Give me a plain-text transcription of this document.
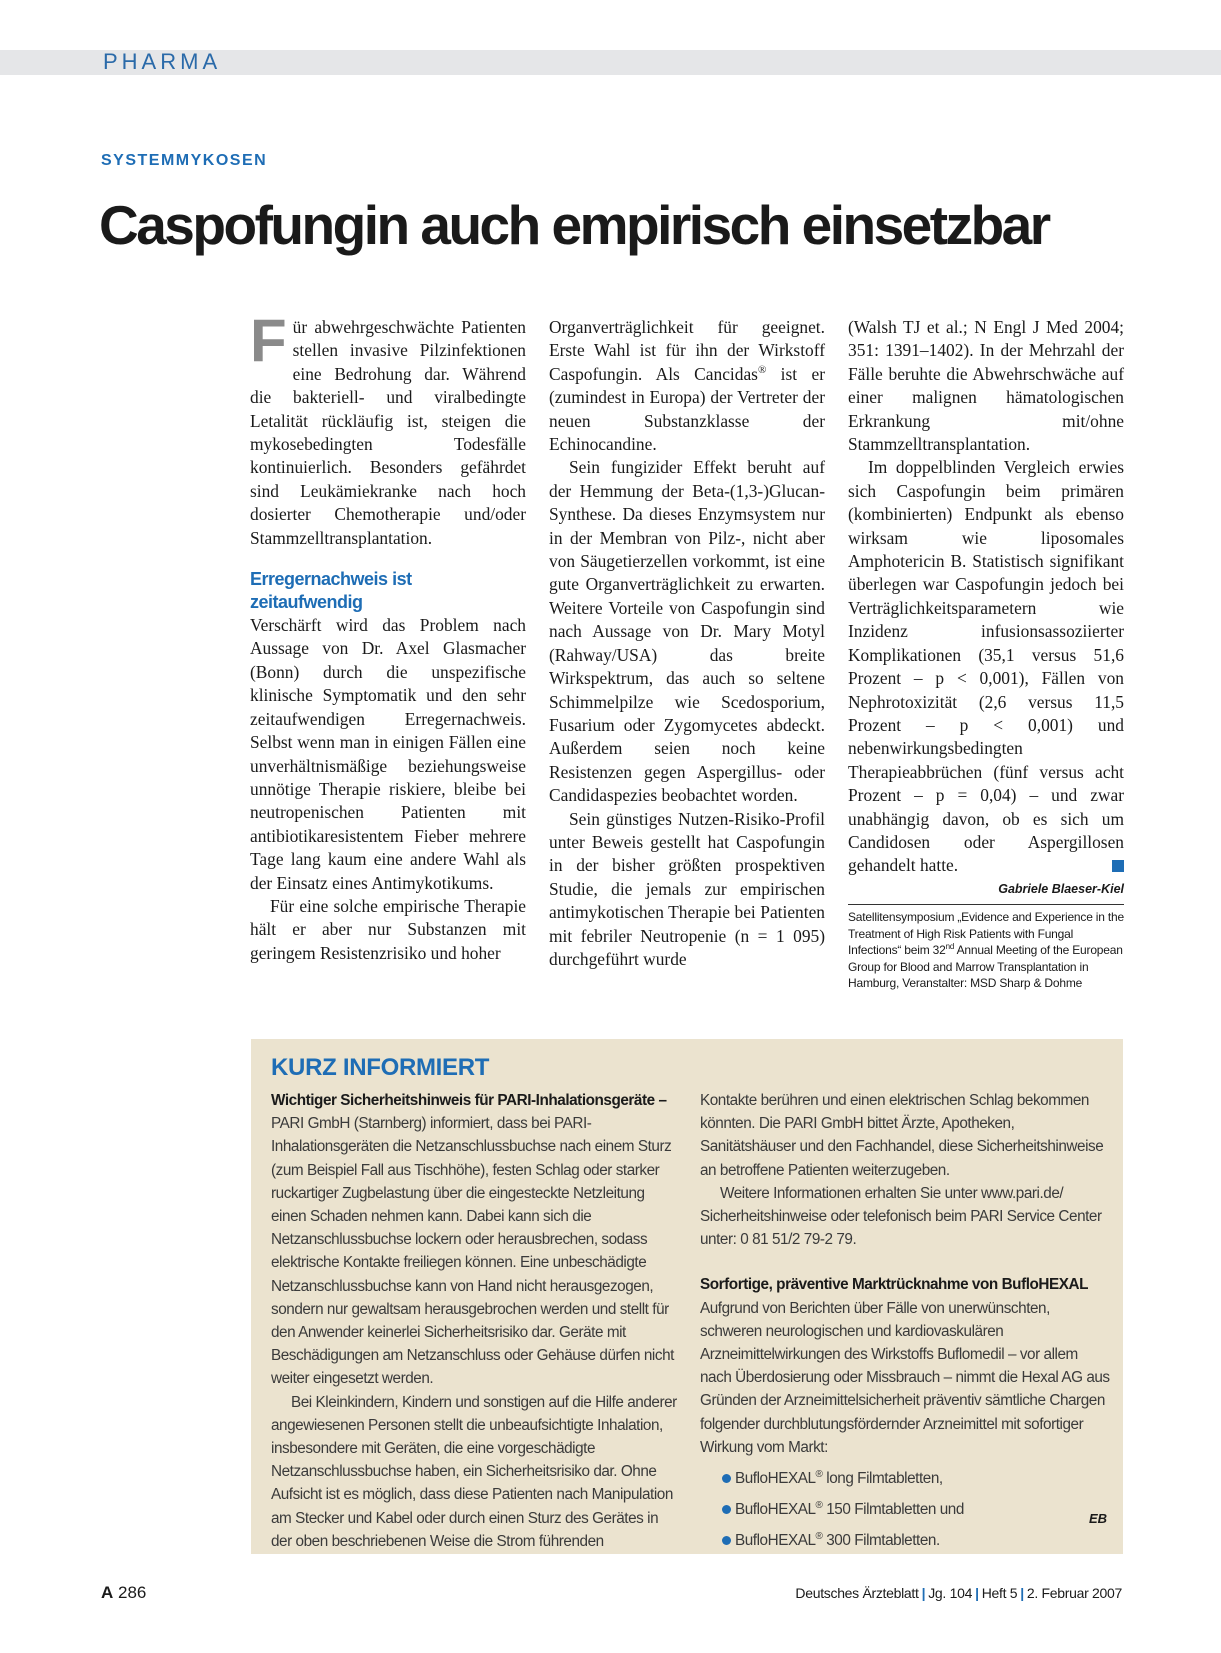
PHARMA
SYSTEMMYKOSEN
Caspofungin auch empirisch einsetzbar

Für abwehrgeschwächte Patienten stellen invasive Pilzinfektionen eine Bedrohung dar. Während die bakteriell- und viralbedingte Letalität rückläufig ist, steigen die mykosebedingten Todesfälle kontinuierlich. Besonders gefährdet sind Leukämiekranke nach hoch dosierter Chemotherapie und/oder Stammzelltransplantation.

Erregernachweis ist zeitaufwendig

Verschärft wird das Problem nach Aussage von Dr. Axel Glasmacher (Bonn) durch die unspezifische klinische Symptomatik und den sehr zeitaufwendigen Erregernachweis. Selbst wenn man in einigen Fällen eine unverhältnismäßige beziehungsweise unnötige Therapie riskiere, bleibe bei neutropenischen Patienten mit antibiotikaresistentem Fieber mehrere Tage lang kaum eine andere Wahl als der Einsatz eines Antimykotikums.

Für eine solche empirische Therapie hält er aber nur Substanzen mit geringem Resistenzrisiko und hoher

Organverträglichkeit für geeignet. Erste Wahl ist für ihn der Wirkstoff Caspofungin. Als Cancidas® ist er (zumindest in Europa) der Vertreter der neuen Substanzklasse der Echinocandine.

Sein fungizider Effekt beruht auf der Hemmung der Beta-(1,3-)Glucan-Synthese. Da dieses Enzymsystem nur in der Membran von Pilz-, nicht aber von Säugetierzellen vorkommt, ist eine gute Organverträglichkeit zu erwarten. Weitere Vorteile von Caspofungin sind nach Aussage von Dr. Mary Motyl (Rahway/USA) das breite Wirkspektrum, das auch so seltene Schimmelpilze wie Scedosporium, Fusarium oder Zygomycetes abdeckt. Außerdem seien noch keine Resistenzen gegen Aspergillus- oder Candidaspezies beobachtet worden.

Sein günstiges Nutzen-Risiko-Profil unter Beweis gestellt hat Caspofungin in der bisher größten prospektiven Studie, die jemals zur empirischen antimykotischen Therapie bei Patienten mit febriler Neutropenie (n = 1 095) durchgeführt wurde

(Walsh TJ et al.; N Engl J Med 2004; 351: 1391–1402). In der Mehrzahl der Fälle beruhte die Abwehrschwäche auf einer malignen hämatologischen Erkrankung mit/ohne Stammzelltransplantation.

Im doppelblinden Vergleich erwies sich Caspofungin beim primären (kombinierten) Endpunkt als ebenso wirksam wie liposomales Amphotericin B. Statistisch signifikant überlegen war Caspofungin jedoch bei Verträglichkeitsparametern wie Inzidenz infusionsassoziierter Komplikationen (35,1 versus 51,6 Prozent – p < 0,001), Fällen von Nephrotoxizität (2,6 versus 11,5 Prozent – p < 0,001) und nebenwirkungsbedingten Therapieabbrüchen (fünf versus acht Prozent – p = 0,04) – und zwar unabhängig davon, ob es sich um Candidosen oder Aspergillosen gehandelt hatte.

Gabriele Blaeser-Kiel
Satellitensymposium „Evidence and Experience in the Treatment of High Risk Patients with Fungal Infections“ beim 32nd Annual Meeting of the European Group for Blood and Marrow Transplantation in Hamburg, Veranstalter: MSD Sharp & Dohme
KURZ INFORMIERT

Wichtiger Sicherheitshinweis für PARI-Inhalationsgeräte –

PARI GmbH (Starnberg) informiert, dass bei PARI-Inhalationsgeräten die Netzanschlussbuchse nach einem Sturz (zum Beispiel Fall aus Tischhöhe), festen Schlag oder starker ruckartiger Zugbelastung über die eingesteckte Netzleitung einen Schaden nehmen kann. Dabei kann sich die Netzanschlussbuchse lockern oder herausbrechen, sodass elektrische Kontakte freiliegen können. Eine unbeschädigte Netzanschlussbuchse kann von Hand nicht herausgezogen, sondern nur gewaltsam herausgebrochen werden und stellt für den Anwender keinerlei Sicherheitsrisiko dar. Geräte mit Beschädigungen am Netzanschluss oder Gehäuse dürfen nicht weiter eingesetzt werden.

Bei Kleinkindern, Kindern und sonstigen auf die Hilfe anderer angewiesenen Personen stellt die unbeaufsichtigte Inhalation, insbesondere mit Geräten, die eine vorgeschädigte Netzanschlussbuchse haben, ein Sicherheitsrisiko dar. Ohne Aufsicht ist es möglich, dass diese Patienten nach Manipulation am Stecker und Kabel oder durch einen Sturz des Gerätes in der oben beschriebenen Weise die Strom führenden

Kontakte berühren und einen elektrischen Schlag bekommen könnten. Die PARI GmbH bittet Ärzte, Apotheken, Sanitätshäuser und den Fachhandel, diese Sicherheitshinweise an betroffene Patienten weiterzugeben.

Weitere Informationen erhalten Sie unter www.pari.de/ Sicherheitshinweise oder telefonisch beim PARI Service Center unter: 0 81 51/2 79-2 79.

Sorfortige, präventive Marktrücknahme von BufloHEXAL

Aufgrund von Berichten über Fälle von unerwünschten, schweren neurologischen und kardiovaskulären Arzneimittelwirkungen des Wirkstoffs Buflomedil – vor allem nach Überdosierung oder Missbrauch – nimmt die Hexal AG aus Gründen der Arzneimittelsicherheit präventiv sämtliche Chargen folgender durchblutungsfördernder Arzneimittel mit sofortiger Wirkung vom Markt:

BufloHEXAL® long Filmtabletten,
BufloHEXAL® 150 Filmtabletten und
BufloHEXAL® 300 Filmtabletten.
EB
A 286	Deutsches Ärzteblatt | Jg. 104 | Heft 5 | 2. Februar 2007
